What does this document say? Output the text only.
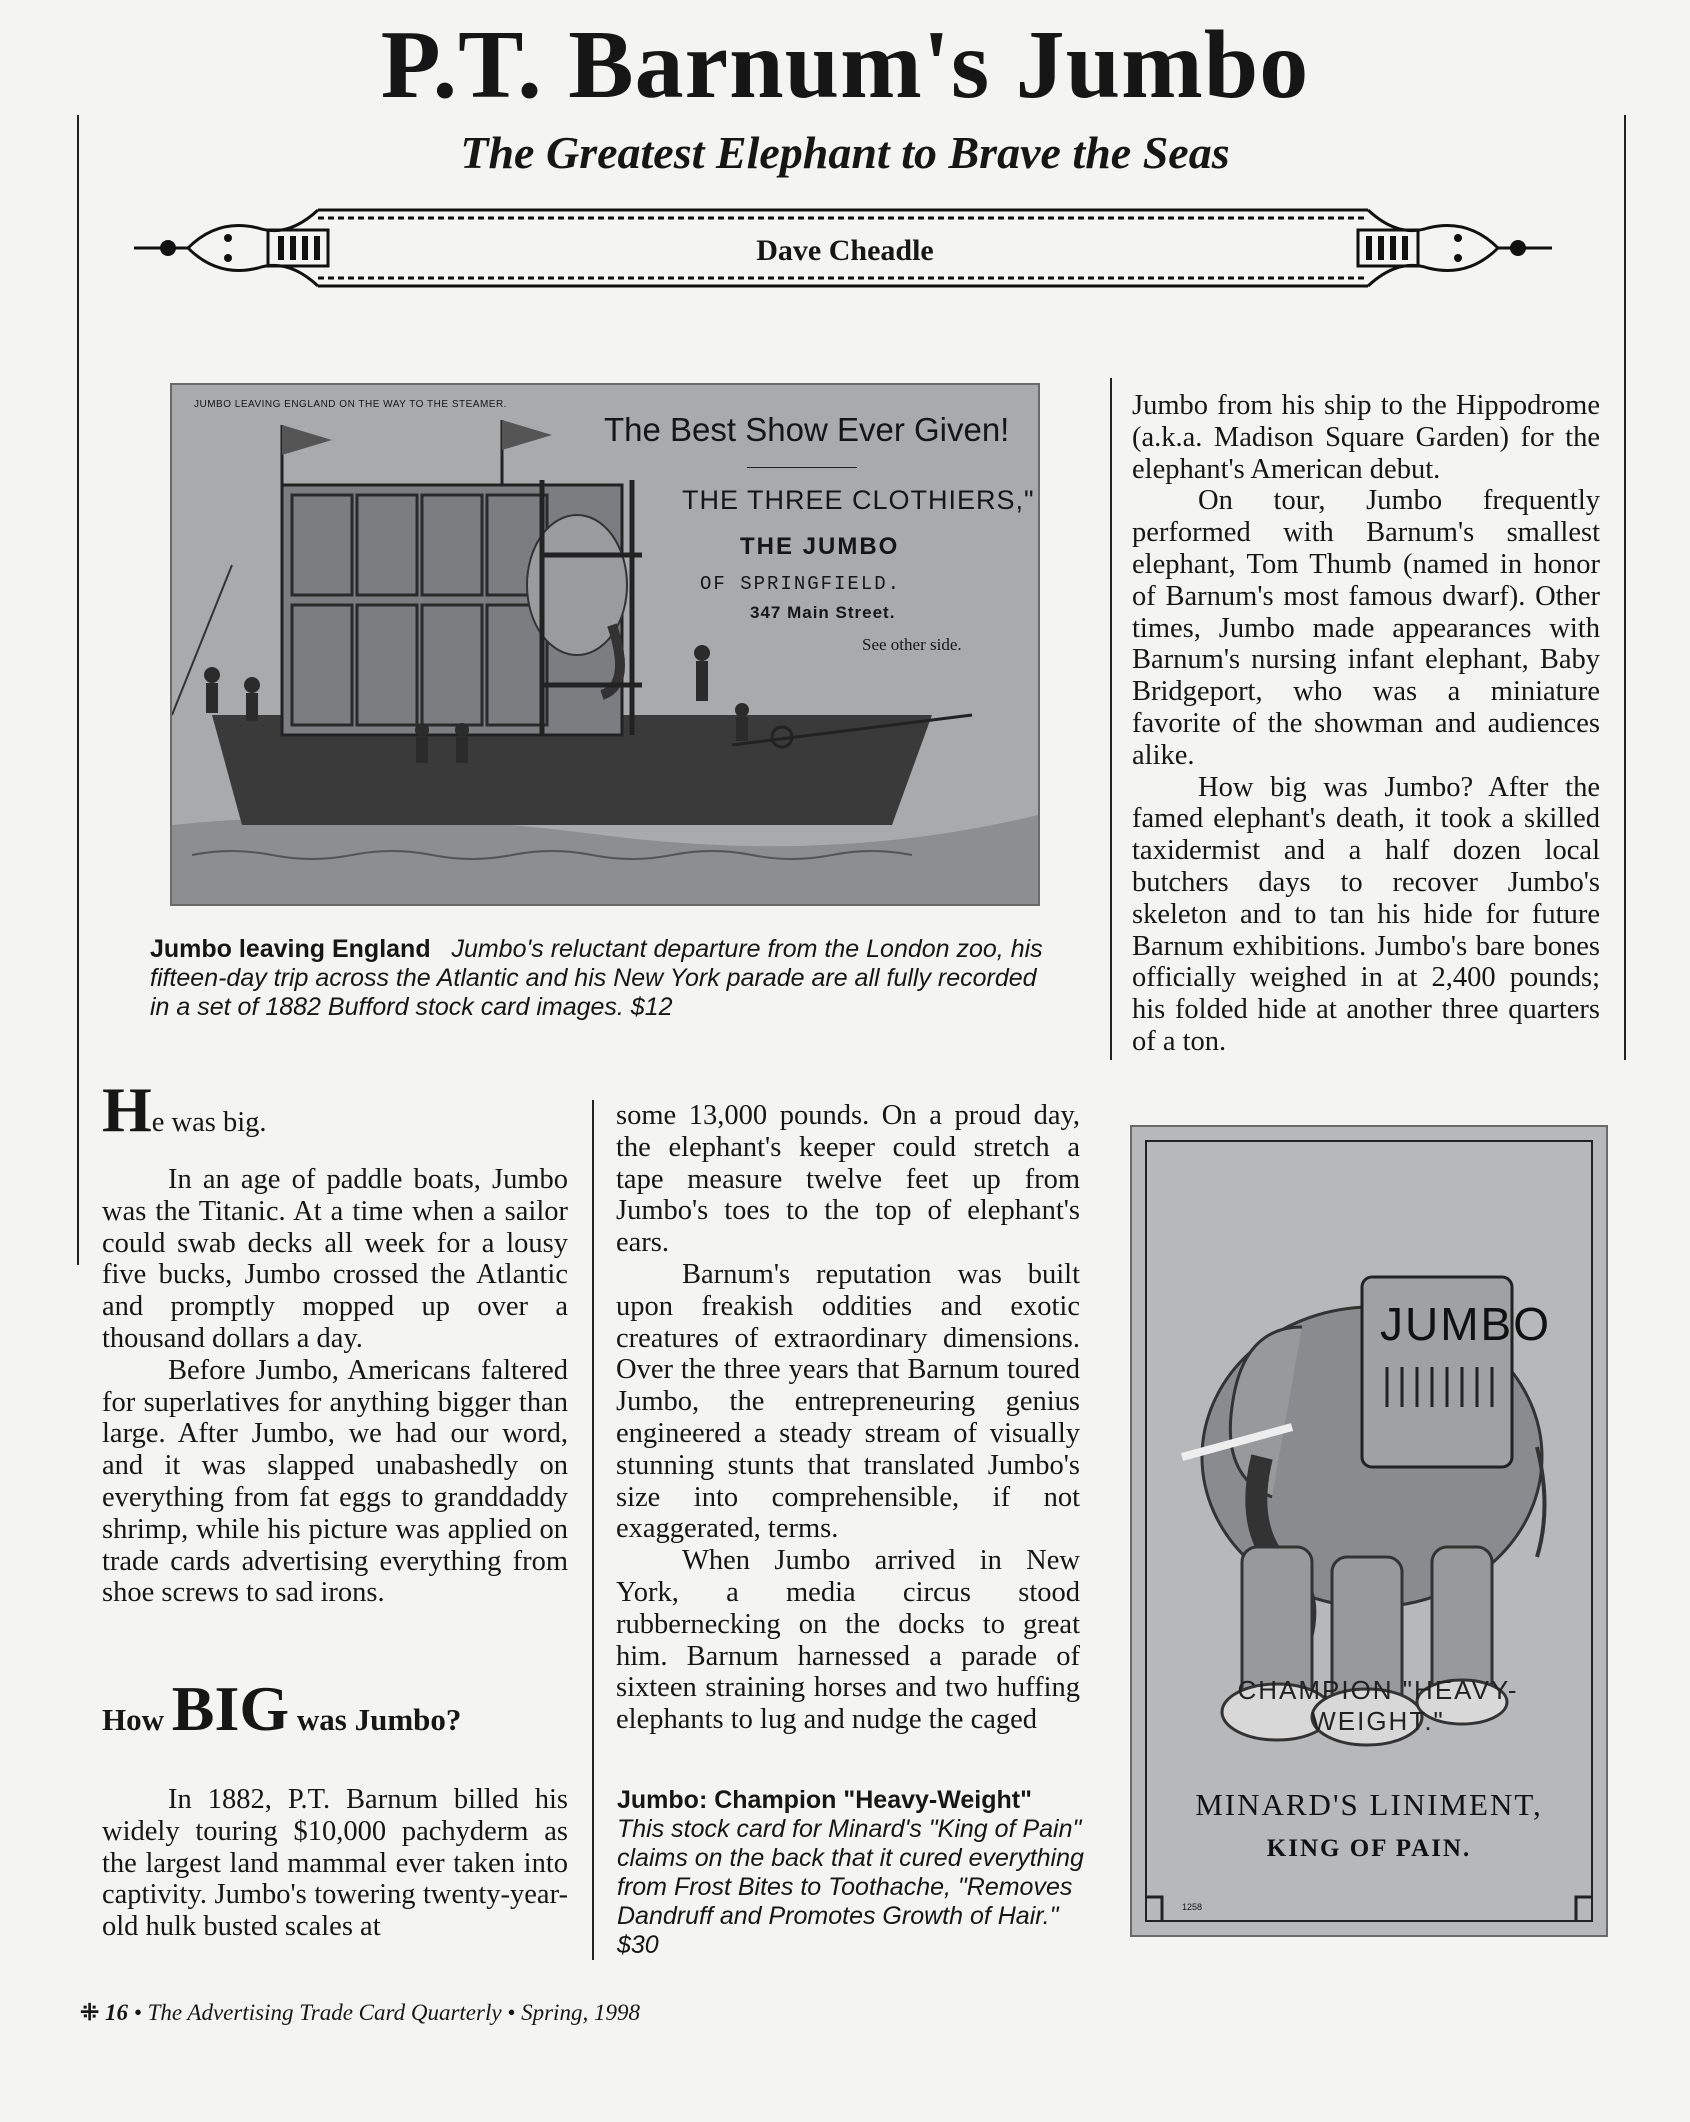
P.T. Barnum's Jumbo
The Greatest Elephant to Brave the Seas
Dave Cheadle
JUMBO LEAVING ENGLAND ON THE WAY TO THE STEAMER.
The Best Show Ever Given!
THE THREE CLOTHIERS,"
THE JUMBO
OF SPRINGFIELD.
347 Main Street.
See other side.
Jumbo leaving England Jumbo's reluctant departure from the London zoo, his fifteen-day trip across the Atlantic and his New York parade are all fully recorded in a set of 1882 Bufford stock card images. $12

Jumbo from his ship to the Hippodrome (a.k.a. Madison Square Garden) for the elephant's American debut.

On tour, Jumbo frequently performed with Barnum's smallest elephant, Tom Thumb (named in honor of Barnum's most famous dwarf). Other times, Jumbo made appearances with Barnum's nursing infant elephant, Baby Bridgeport, who was a miniature favorite of the showman and audiences alike.

How big was Jumbo? After the famed elephant's death, it took a skilled taxidermist and a half dozen local butchers days to recover Jumbo's skeleton and to tan his hide for future Barnum exhibitions. Jumbo's bare bones officially weighed in at 2,400 pounds; his folded hide at another three quarters of a ton.

He was big.

In an age of paddle boats, Jumbo was the Titanic. At a time when a sailor could swab decks all week for a lousy five bucks, Jumbo crossed the Atlantic and promptly mopped up over a thousand dollars a day.

Before Jumbo, Americans faltered for superlatives for anything bigger than large. After Jumbo, we had our word, and it was slapped unabashedly on everything from fat eggs to granddaddy shrimp, while his picture was applied on trade cards advertising everything from shoe screws to sad irons.

How BIG was Jumbo?

In 1882, P.T. Barnum billed his widely touring $10,000 pachyderm as the largest land mammal ever taken into captivity. Jumbo's towering twenty-year-old hulk busted scales at

some 13,000 pounds. On a proud day, the elephant's keeper could stretch a tape measure twelve feet up from Jumbo's toes to the top of elephant's ears.

Barnum's reputation was built upon freakish oddities and exotic creatures of extraordinary dimensions. Over the three years that Barnum toured Jumbo, the entrepreneuring genius engineered a steady stream of visually stunning stunts that translated Jumbo's size into comprehensible, if not exaggerated, terms.

When Jumbo arrived in New York, a media circus stood rubbernecking on the docks to great him. Barnum harnessed a parade of sixteen straining horses and two huffing elephants to lug and nudge the caged

Jumbo: Champion "Heavy-Weight"
This stock card for Minard's "King of Pain" claims on the back that it cured everything from Frost Bites to Toothache, "Removes Dandruff and Promotes Growth of Hair." $30
JUMBO
CHAMPION "HEAVY-WEIGHT."
MINARD'S LINIMENT,
KING OF PAIN.
1258
⁜ 16 • The Advertising Trade Card Quarterly • Spring, 1998
